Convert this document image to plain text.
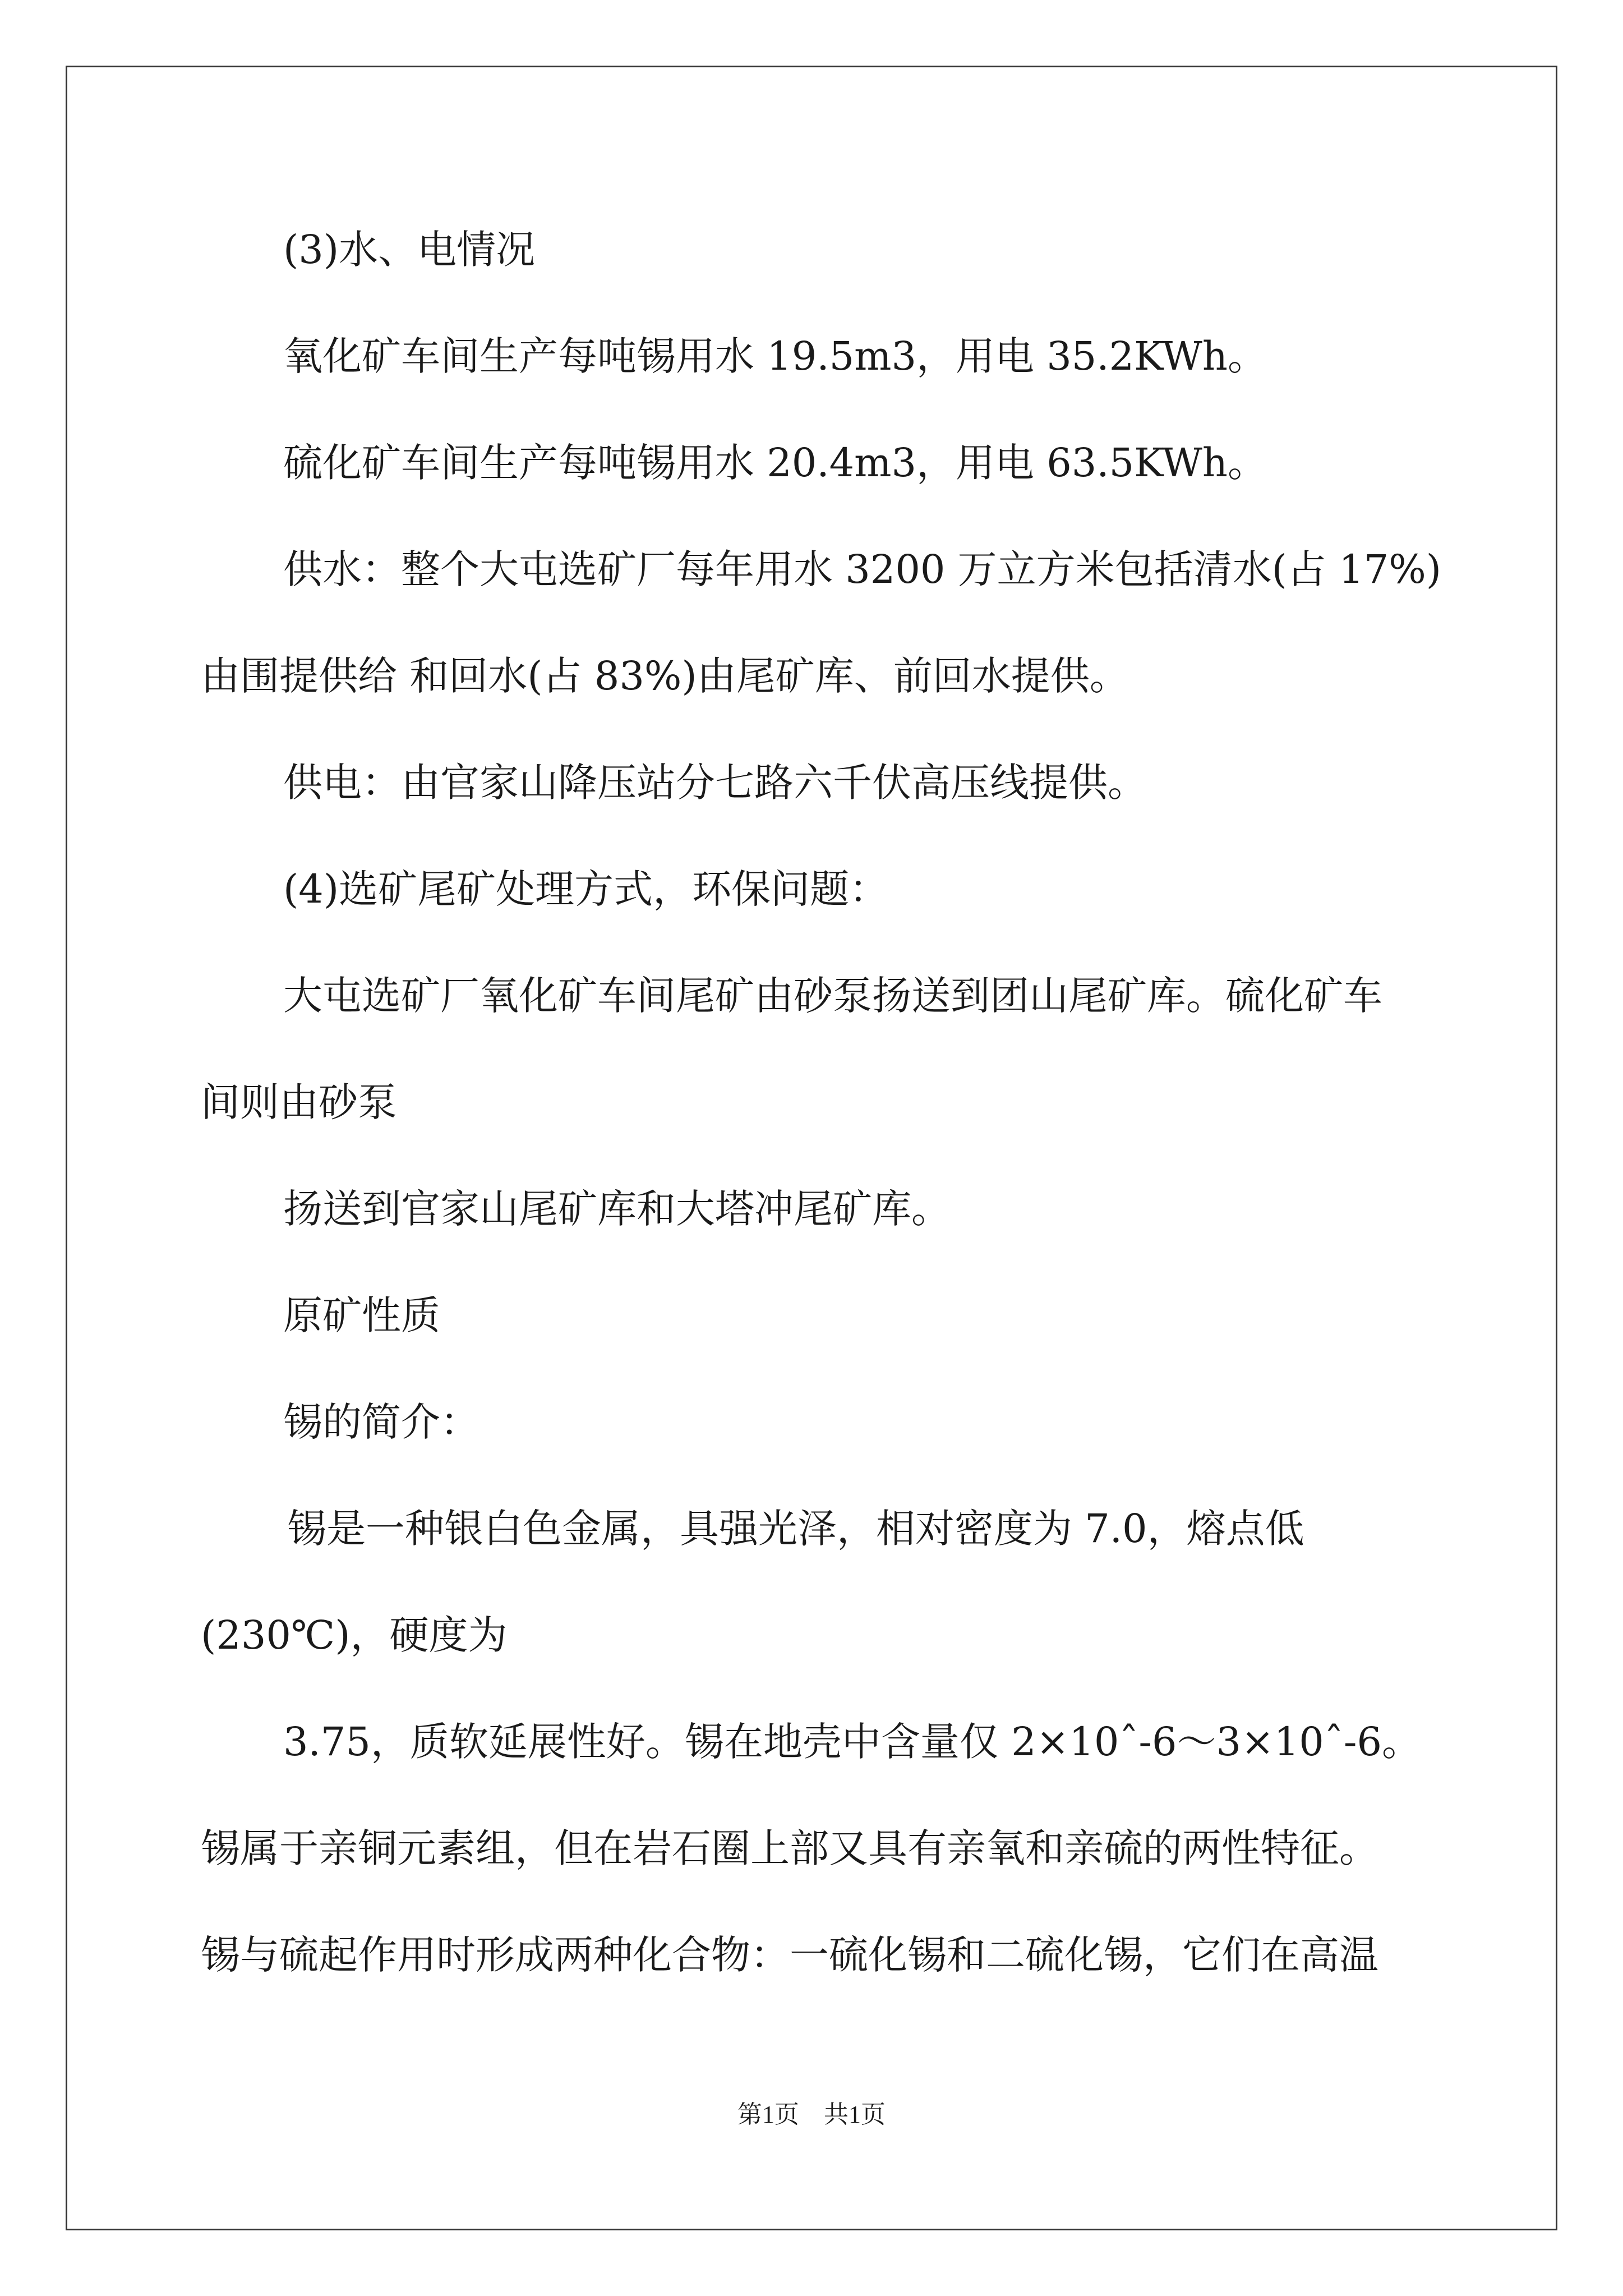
(3)水、电情况
氧化矿车间生产每吨锡用水 19.5m3，用电 35.2KWh。
硫化矿车间生产每吨锡用水 20.4m3，用电 63.5KWh。
供水：整个大屯选矿厂每年用水 3200 万立方米包括清水(占 17%)
由围提供给 和回水(占 83%)由尾矿库、前回水提供。
供电：由官家山降压站分七路六千伏高压线提供。
(4)选矿尾矿处理方式，环保问题：
大屯选矿厂氧化矿车间尾矿由砂泵扬送到团山尾矿库。硫化矿车
间则由砂泵
扬送到官家山尾矿库和大塔冲尾矿库。
原矿性质
锡的简介：
锡是一种银白色金属，具强光泽，相对密度为 7.0，熔点低
(230℃)，硬度为
3.75，质软延展性好。锡在地壳中含量仅 2×10ˆ-6～3×10ˆ-6。
锡属于亲铜元素组，但在岩石圈上部又具有亲氧和亲硫的两性特征。
锡与硫起作用时形成两种化合物：一硫化锡和二硫化锡，它们在高温
第1页　共1页
